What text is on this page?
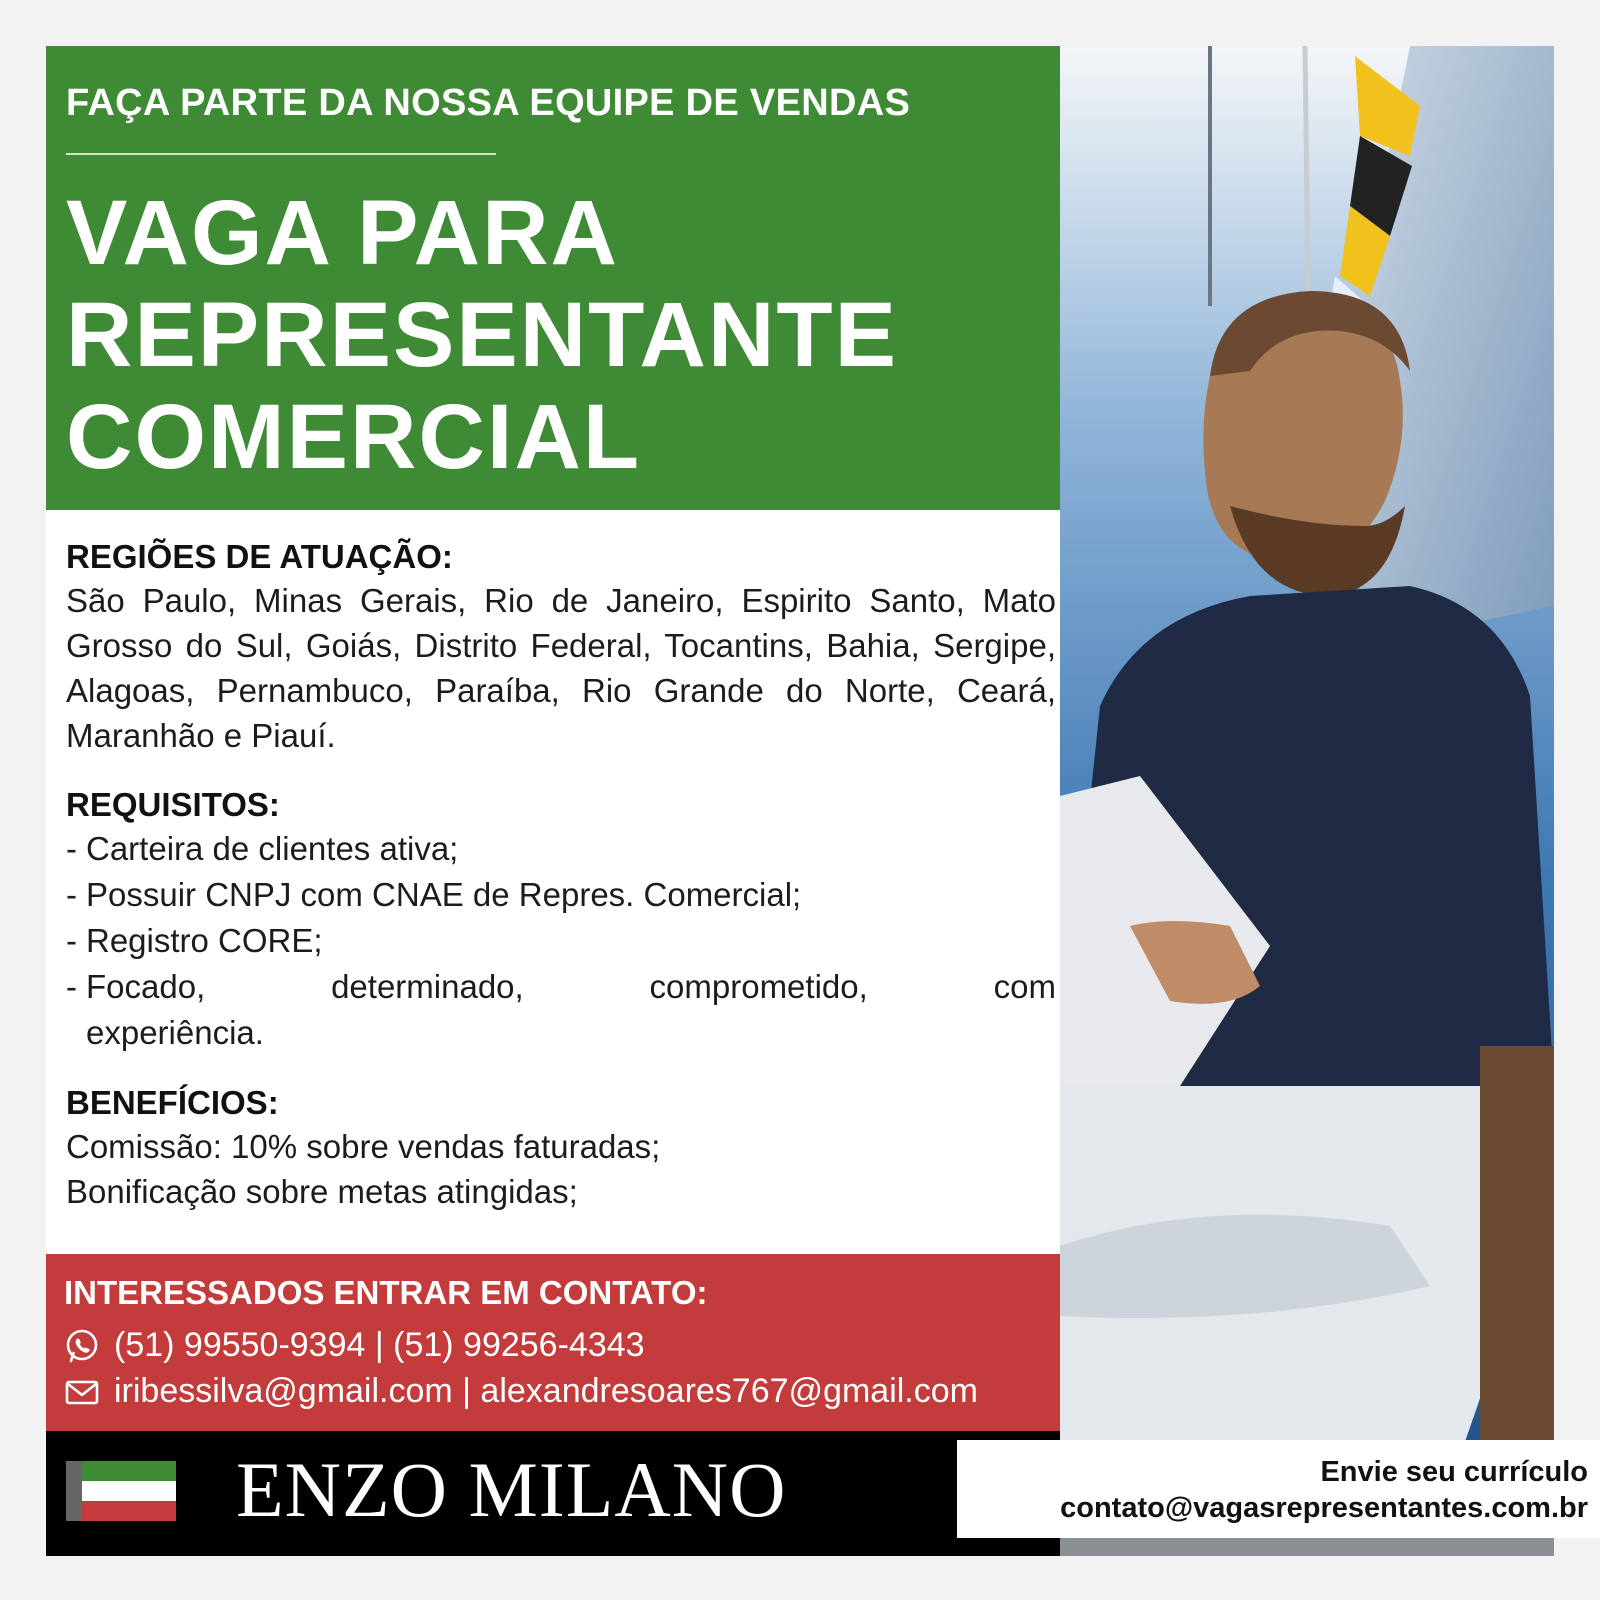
FAÇA PARTE DA NOSSA EQUIPE DE VENDAS
VAGA PARA
REPRESENTANTE
COMERCIAL
REGIÕES DE ATUAÇÃO:
São Paulo, Minas Gerais, Rio de Janeiro, Espirito Santo, Mato Grosso do Sul, Goiás, Distrito Federal, Tocantins, Bahia, Sergipe, Alagoas, Pernambuco, Paraíba, Rio Grande do Norte, Ceará, Maranhão e Piauí.
REQUISITOS:
- Carteira de clientes ativa;
- Possuir CNPJ com CNAE de Repres. Comercial;
- Registro CORE;
- Focado,	determinado,	comprometido,	com
experiência.
BENEFÍCIOS:
Comissão: 10% sobre vendas faturadas;
Bonificação sobre metas atingidas;
INTERESSADOS ENTRAR EM CONTATO:
(51) 99550-9394 | (51) 99256-4343
iribessilva@gmail.com | alexandresoares767@gmail.com
ENZO MILANO	Envie seu currículo
contato@vagasrepresentantes.com.br
